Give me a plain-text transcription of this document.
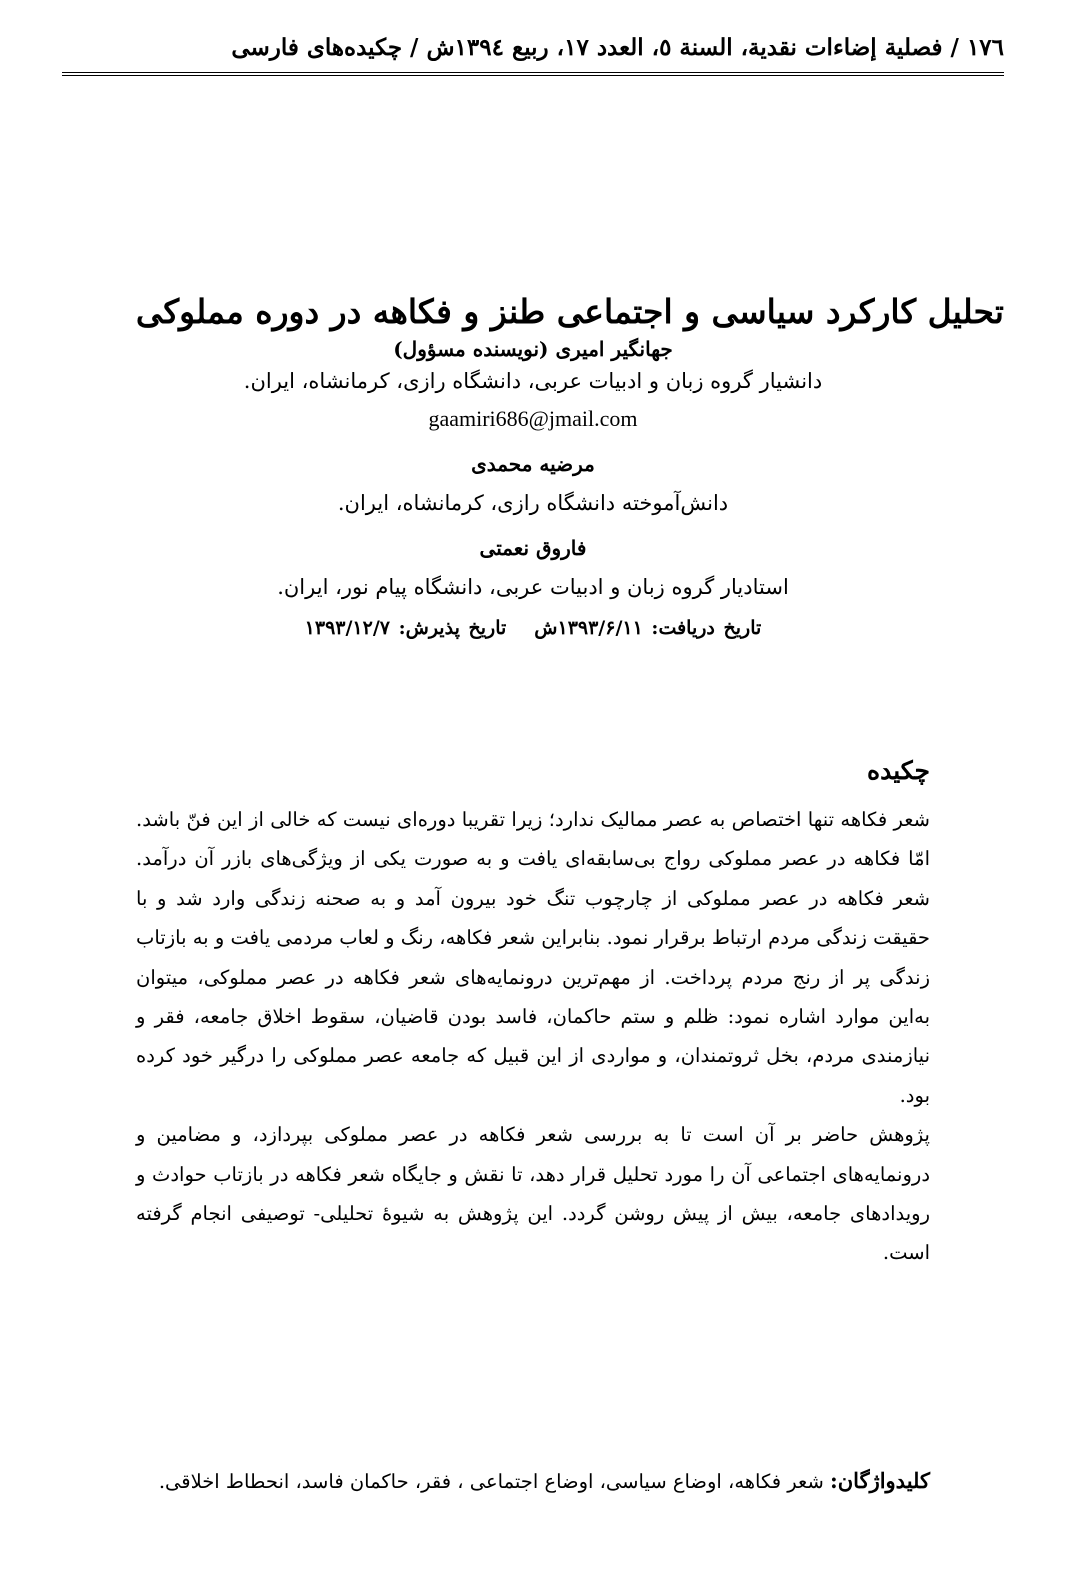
١٧٦ / فصلية إضاءات نقدية، السنة ٥، العدد ١٧، ربيع ١٣٩٤ش / چكيده‌های فارسی
تحلیل کارکرد سیاسی و اجتماعی طنز و فکاهه در دوره مملوکی
جهانگیر امیری (نویسنده مسؤول)
دانشیار گروه زبان و ادبیات عربی، دانشگاه رازی، کرمانشاه، ایران.
gaamiri686@jmail.com
مرضیه محمدی
دانش‌آموخته دانشگاه رازی، کرمانشاه، ایران.
فاروق نعمتی
استادیار گروه زبان و ادبیات عربی، دانشگاه پیام نور، ایران.
تاریخ دریافت: ١٣٩٣/۶/١١شتاریخ پذیرش: ١٣٩٣/١٢/٧
چکیده

شعر فکاهه تنها اختصاص به عصر ممالیک ندارد؛ زیرا تقریبا دوره‌ای نیست که خالی از این فنّ باشد. امّا فکاهه در عصر مملوکی رواج بی‌سابقه‌ای یافت و به صورت یکی از ویژگی‌های بازر آن درآمد. شعر فکاهه در عصر مملوکی از چارچوب تنگ خود بیرون آمد و به صحنه زندگی وارد شد و با حقیقت زندگی مردم ارتباط برقرار نمود. بنابراین شعر فکاهه، رنگ و لعاب مردمی یافت و به بازتاب زندگی پر از رنج مردم پرداخت. از مهم‌ترین درونمایه‌های شعر فکاهه در عصر مملوکی، میتوان به‌این موارد اشاره نمود: ظلم و ستم حاکمان، فاسد بودن قاضیان، سقوط اخلاق جامعه، فقر و نیازمندی مردم، بخل ثروتمندان، و مواردی از این قبیل که جامعه عصر مملوکی را درگیر خود کرده بود.

پژوهش حاضر بر آن است تا به بررسی شعر فکاهه در عصر مملوکی بپردازد، و مضامین و درونمایه‌های اجتماعی آن را مورد تحلیل قرار دهد، تا نقش و جایگاه شعر فکاهه در بازتاب حوادث و رویدادهای جامعه، بیش از پیش روشن گردد. این پژوهش به شیوهٔ تحلیلی- توصیفی انجام گرفته است.

کلیدواژگان: شعر فکاهه، اوضاع سیاسی، اوضاع اجتماعی ، فقر، حاکمان فاسد، انحطاط اخلاقی.
